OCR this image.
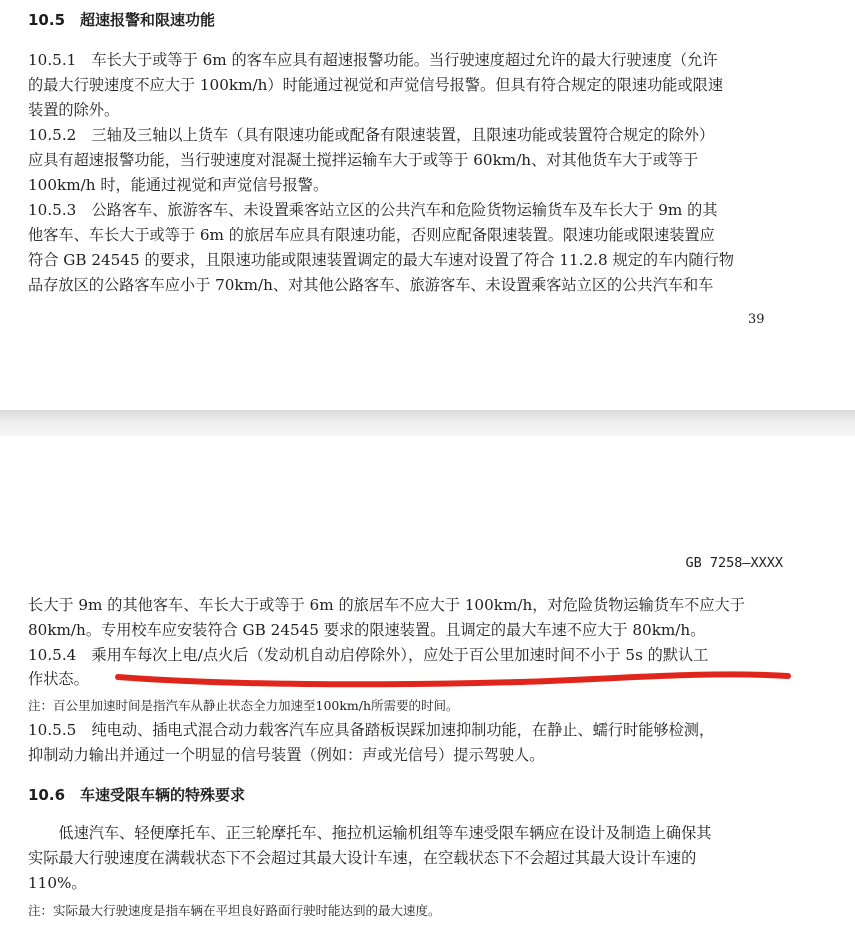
10.5　超速报警和限速功能

10.5.1　车长大于或等于 6m 的客车应具有超速报警功能。当行驶速度超过允许的最大行驶速度（允许

的最大行驶速度不应大于 100km/h）时能通过视觉和声觉信号报警。但具有符合规定的限速功能或限速

装置的除外。

10.5.2　三轴及三轴以上货车（具有限速功能或配备有限速装置，且限速功能或装置符合规定的除外）

应具有超速报警功能，当行驶速度对混凝土搅拌运输车大于或等于 60km/h、对其他货车大于或等于

100km/h 时，能通过视觉和声觉信号报警。

10.5.3　公路客车、旅游客车、未设置乘客站立区的公共汽车和危险货物运输货车及车长大于 9m 的其

他客车、车长大于或等于 6m 的旅居车应具有限速功能，否则应配备限速装置。限速功能或限速装置应

符合 GB 24545 的要求，且限速功能或限速装置调定的最大车速对设置了符合 11.2.8 规定的车内随行物

品存放区的公路客车应小于 70km/h、对其他公路客车、旅游客车、未设置乘客站立区的公共汽车和车

39

GB 7258—XXXX

长大于 9m 的其他客车、车长大于或等于 6m 的旅居车不应大于 100km/h，对危险货物运输货车不应大于

80km/h。专用校车应安装符合 GB 24545 要求的限速装置。且调定的最大车速不应大于 80km/h。

10.5.4　乘用车每次上电/点火后（发动机自动启停除外），应处于百公里加速时间不小于 5s 的默认工

作状态。

注：百公里加速时间是指汽车从静止状态全力加速至100km/h所需要的时间。

10.5.5　纯电动、插电式混合动力载客汽车应具备踏板误踩加速抑制功能，在静止、蠕行时能够检测，

抑制动力输出并通过一个明显的信号装置（例如：声或光信号）提示驾驶人。

10.6　车速受限车辆的特殊要求

　　低速汽车、轻便摩托车、正三轮摩托车、拖拉机运输机组等车速受限车辆应在设计及制造上确保其

实际最大行驶速度在满载状态下不会超过其最大设计车速，在空载状态下不会超过其最大设计车速的

110%。

注：实际最大行驶速度是指车辆在平坦良好路面行驶时能达到的最大速度。
